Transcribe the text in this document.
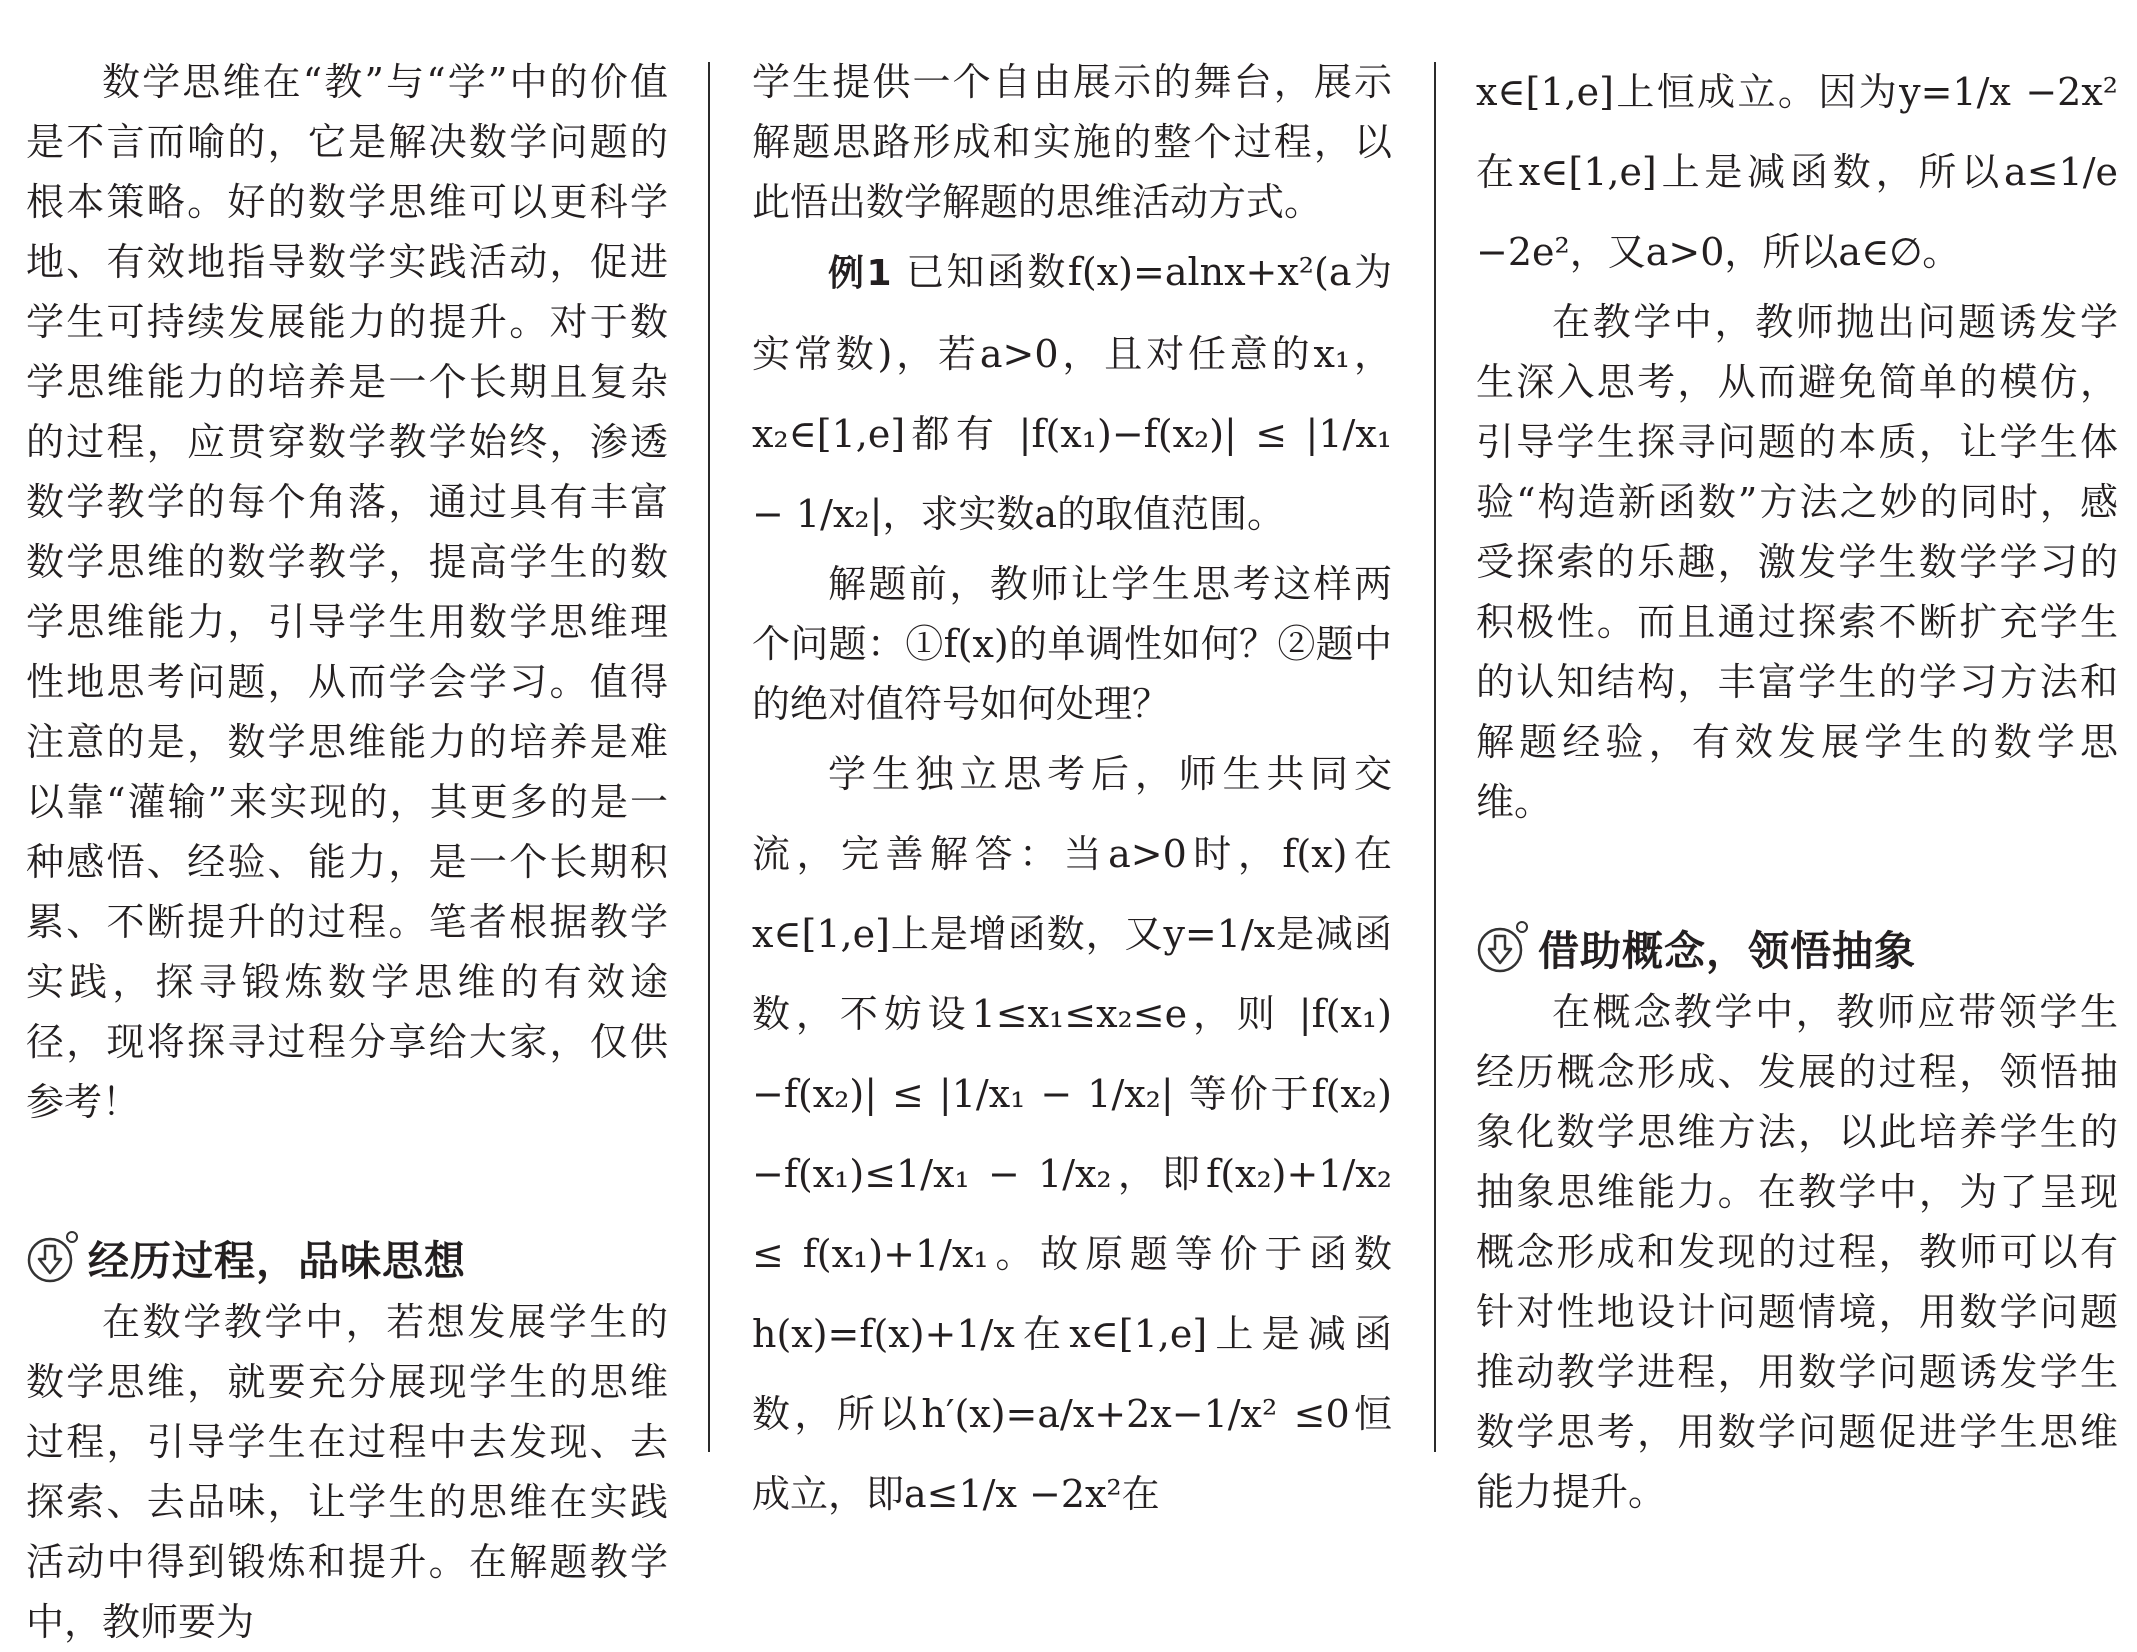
数学思维在“教”与“学”中的价值是不言而喻的，它是解决数学问题的根本策略。好的数学思维可以更科学地、有效地指导数学实践活动，促进学生可持续发展能力的提升。对于数学思维能力的培养是一个长期且复杂的过程，应贯穿数学教学始终，渗透数学教学的每个角落，通过具有丰富数学思维的数学教学，提高学生的数学思维能力，引导学生用数学思维理性地思考问题，从而学会学习。值得注意的是，数学思维能力的培养是难以靠“灌输”来实现的，其更多的是一种感悟、经验、能力，是一个长期积累、不断提升的过程。笔者根据教学实践，探寻锻炼数学思维的有效途径，现将探寻过程分享给大家，仅供参考！

经历过程，品味思想

在数学教学中，若想发展学生的数学思维，就要充分展现学生的思维过程，引导学生在过程中去发现、去探索、去品味，让学生的思维在实践活动中得到锻炼和提升。在解题教学中，教师要为

学生提供一个自由展示的舞台，展示解题思路形成和实施的整个过程，以此悟出数学解题的思维活动方式。

例1 已知函数f(x)=alnx+x²(a为实常数)，若a>0，且对任意的x₁，x₂∈[1,e]都有 |f(x₁)−f(x₂)| ≤ |1/x₁ − 1/x₂|，求实数a的取值范围。

解题前，教师让学生思考这样两个问题：①f(x)的单调性如何？②题中的绝对值符号如何处理？

学生独立思考后，师生共同交流，完善解答：当a>0时，f(x)在x∈[1,e]上是增函数，又y=1/x是减函数，不妨设1≤x₁≤x₂≤e，则 |f(x₁)−f(x₂)| ≤ |1/x₁ − 1/x₂| 等价于f(x₂)−f(x₁)≤1/x₁ − 1/x₂，即f(x₂)+1/x₂ ≤ f(x₁)+1/x₁。故原题等价于函数h(x)=f(x)+1/x在x∈[1,e]上是减函数，所以h′(x)=a/x+2x−1/x² ≤0恒成立，即a≤1/x −2x²在

x∈[1,e]上恒成立。因为y=1/x −2x²在x∈[1,e]上是减函数，所以a≤1/e −2e²，又a>0，所以a∈∅。

在教学中，教师抛出问题诱发学生深入思考，从而避免简单的模仿，引导学生探寻问题的本质，让学生体验“构造新函数”方法之妙的同时，感受探索的乐趣，激发学生数学学习的积极性。而且通过探索不断扩充学生的认知结构，丰富学生的学习方法和解题经验，有效发展学生的数学思维。

借助概念，领悟抽象

在概念教学中，教师应带领学生经历概念形成、发展的过程，领悟抽象化数学思维方法，以此培养学生的抽象思维能力。在教学中，为了呈现概念形成和发现的过程，教师可以有针对性地设计问题情境，用数学问题推动教学进程，用数学问题诱发学生数学思考，用数学问题促进学生思维能力提升。
